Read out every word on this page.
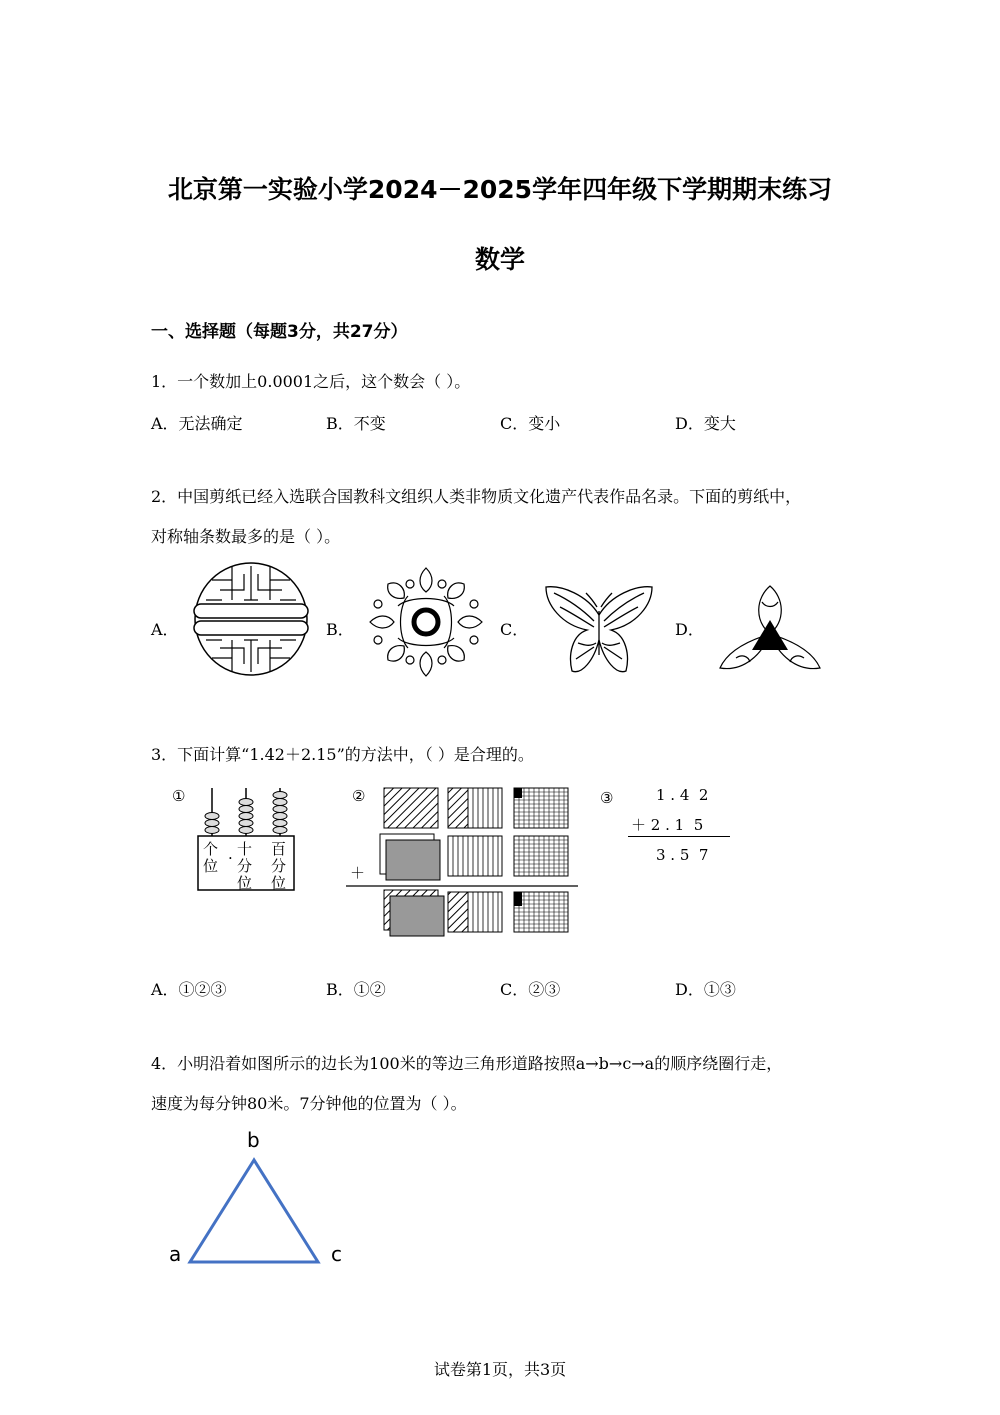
北京第一实验小学2024－2025学年四年级下学期期末练习
数学
一、选择题（每题3分，共27分）
1．一个数加上0.0001之后，这个数会（ ）。
A．无法确定	B．不变	C．变小	D．变大
2．中国剪纸已经入选联合国教科文组织人类非物质文化遗产代表作品名录。下面的剪纸中，
对称轴条数最多的是（ ）。
A．	B．	C．	D．
3．下面计算“1.42＋2.15”的方法中，（ ）是合理的。
①
个 十 百
位
.
分 分
位 位
②
＋
③	1 . 4  2
＋ 2 . 1  5
3 . 5  7
A．①②③	B．①②	C．②③	D．①③
4．小明沿着如图所示的边长为100米的等边三角形道路按照a→b→c→a的顺序绕圈行走，
速度为每分钟80米。7分钟他的位置为（ ）。
b
a	c
试卷第1页，共3页
